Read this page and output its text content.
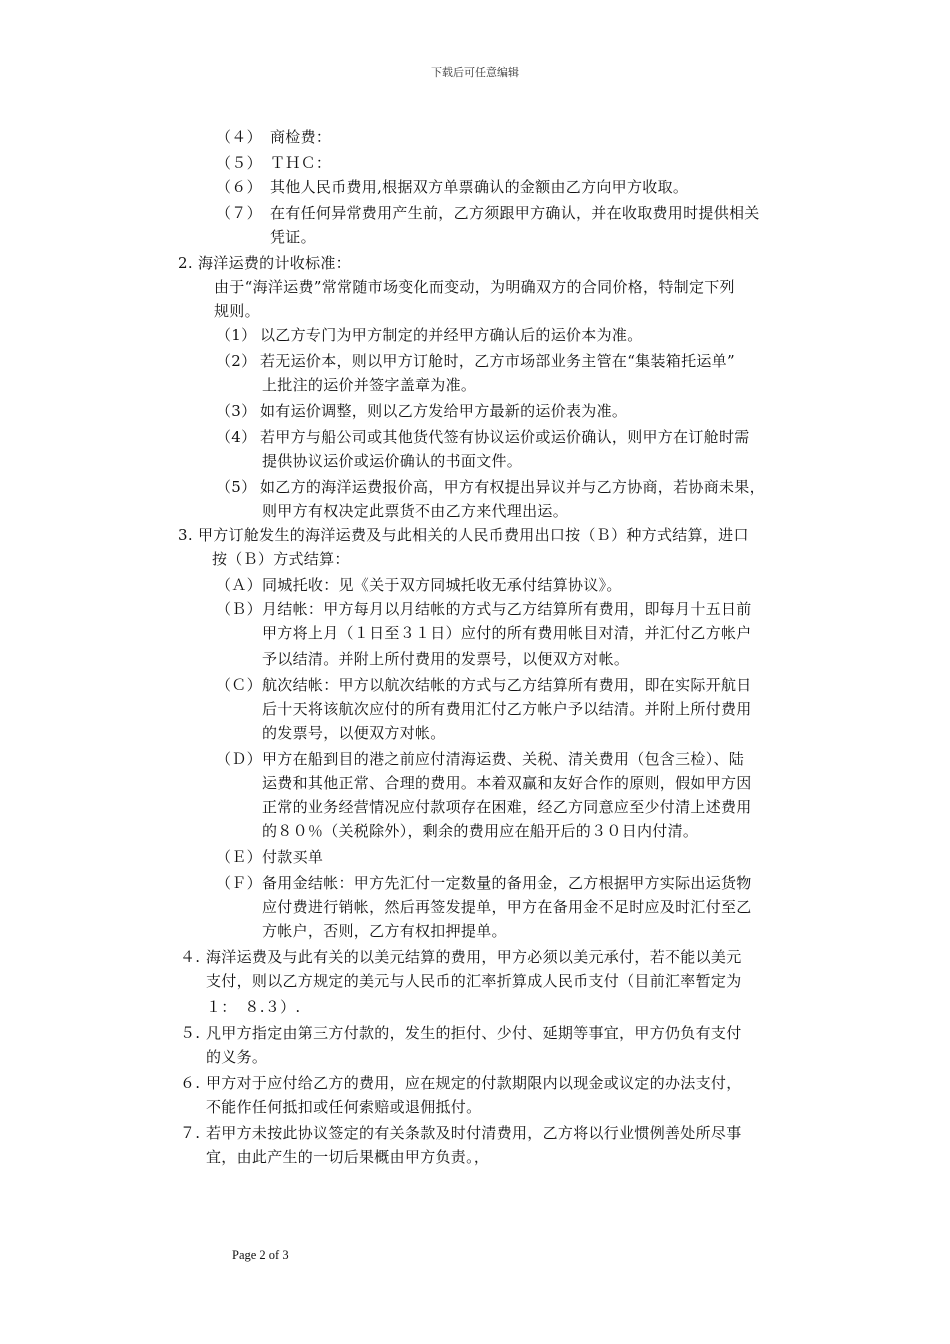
下载后可任意编辑
（４） 商检费：
（５） ＴＨＣ：
（６） 其他人民币费用,根据双方单票确认的金额由乙方向甲方收取。
（７） 在有任何异常费用产生前，乙方须跟甲方确认，并在收取费用时提供相关
凭证。
2. 海洋运费的计收标准：
由于“海洋运费”常常随市场变化而变动，为明确双方的合同价格，特制定下列
规则。
（1） 以乙方专门为甲方制定的并经甲方确认后的运价本为准。
（2） 若无运价本，则以甲方订舱时，乙方市场部业务主管在“集装箱托运单”
上批注的运价并签字盖章为准。
（3） 如有运价调整，则以乙方发给甲方最新的运价表为准。
（4） 若甲方与船公司或其他货代签有协议运价或运价确认，则甲方在订舱时需
提供协议运价或运价确认的书面文件。
（5） 如乙方的海洋运费报价高，甲方有权提出异议并与乙方协商，若协商未果，
则甲方有权决定此票货不由乙方来代理出运。
3. 甲方订舱发生的海洋运费及与此相关的人民币费用出口按（Ｂ）种方式结算，进口
按（Ｂ）方式结算：
（Ａ） 同城托收：见《关于双方同城托收无承付结算协议》。
（Ｂ） 月结帐：甲方每月以月结帐的方式与乙方结算所有费用，即每月十五日前
甲方将上月（１日至３１日）应付的所有费用帐目对清，并汇付乙方帐户
予以结清。并附上所付费用的发票号，以便双方对帐。
（Ｃ） 航次结帐：甲方以航次结帐的方式与乙方结算所有费用，即在实际开航日
后十天将该航次应付的所有费用汇付乙方帐户予以结清。并附上所付费用
的发票号，以便双方对帐。
（Ｄ） 甲方在船到目的港之前应付清海运费、关税、清关费用（包含三检）、陆
运费和其他正常、合理的费用。本着双赢和友好合作的原则，假如甲方因
正常的业务经营情况应付款项存在困难，经乙方同意应至少付清上述费用
的８０％（关税除外），剩余的费用应在船开后的３０日内付清。
（Ｅ） 付款买单
（Ｆ） 备用金结帐：甲方先汇付一定数量的备用金，乙方根据甲方实际出运货物
应付费进行销帐，然后再签发提单，甲方在备用金不足时应及时汇付至乙
方帐户，否则，乙方有权扣押提单。
４. 海洋运费及与此有关的以美元结算的费用，甲方必须以美元承付，若不能以美元
支付，则以乙方规定的美元与人民币的汇率折算成人民币支付（目前汇率暂定为
１：　８.３）.
５. 凡甲方指定由第三方付款的，发生的拒付、少付、延期等事宜，甲方仍负有支付
的义务。
６. 甲方对于应付给乙方的费用，应在规定的付款期限内以现金或议定的办法支付，
不能作任何抵扣或任何索赔或退佣抵付。
７. 若甲方未按此协议签定的有关条款及时付清费用，乙方将以行业惯例善处所尽事
宜，由此产生的一切后果概由甲方负责。，
Page 2 of 3
